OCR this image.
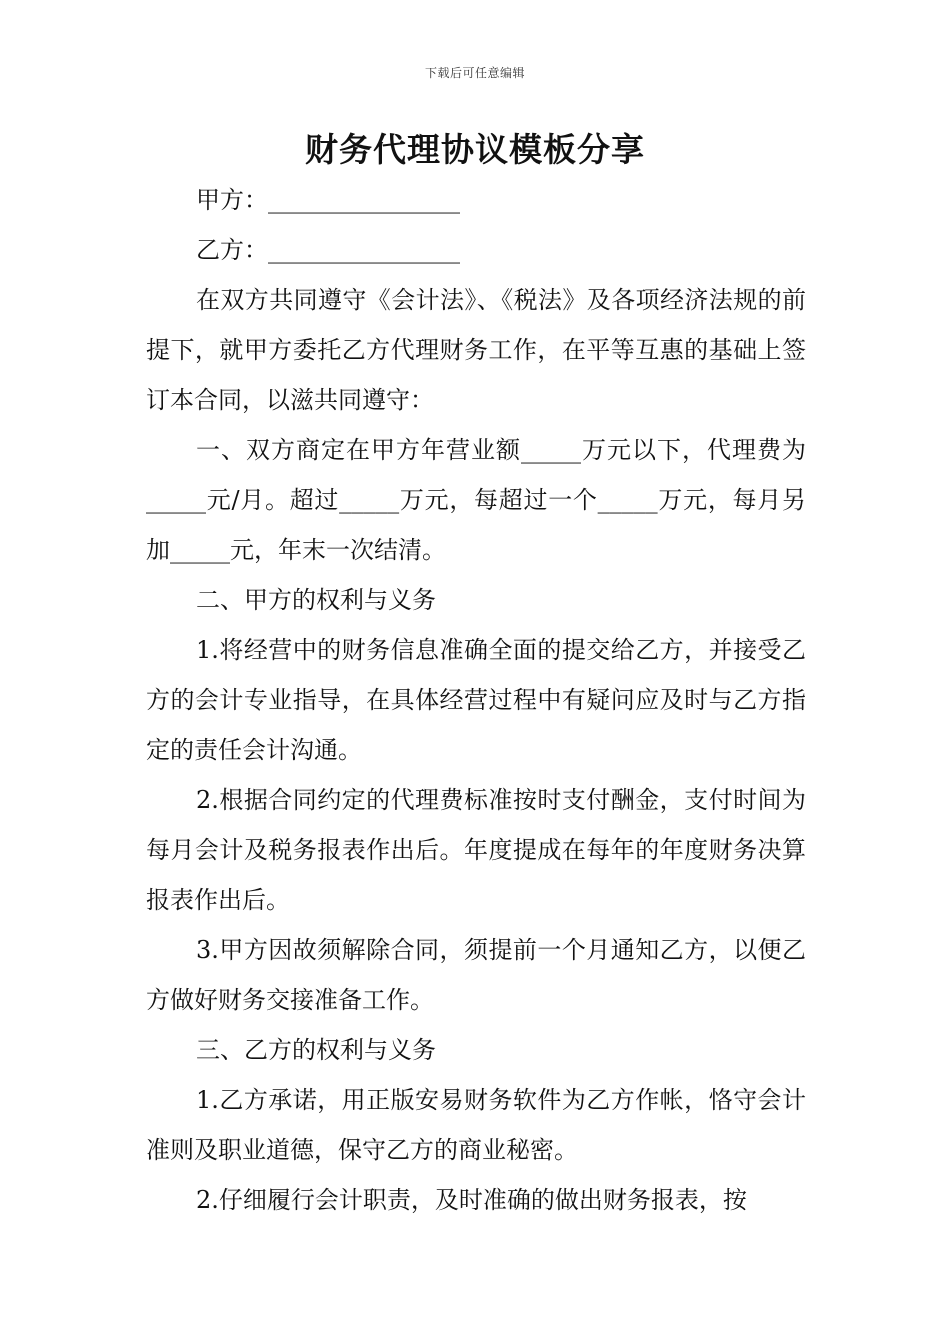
下载后可任意编辑
财务代理协议模板分享

甲方：________________

乙方：________________

在双方共同遵守《会计法》、《税法》及各项经济法规的前提下，就甲方委托乙方代理财务工作，在平等互惠的基础上签订本合同，以滋共同遵守：

一、双方商定在甲方年营业额_____万元以下，代理费为_____元/月。超过_____万元，每超过一个_____万元，每月另加_____元，年末一次结清。

二、甲方的权利与义务

1.将经营中的财务信息准确全面的提交给乙方，并接受乙方的会计专业指导，在具体经营过程中有疑问应及时与乙方指定的责任会计沟通。

2.根据合同约定的代理费标准按时支付酬金，支付时间为每月会计及税务报表作出后。年度提成在每年的年度财务决算报表作出后。

3.甲方因故须解除合同，须提前一个月通知乙方，以便乙方做好财务交接准备工作。

三、乙方的权利与义务

1.乙方承诺，用正版安易财务软件为乙方作帐，恪守会计准则及职业道德，保守乙方的商业秘密。

2.仔细履行会计职责，及时准确的做出财务报表，按
